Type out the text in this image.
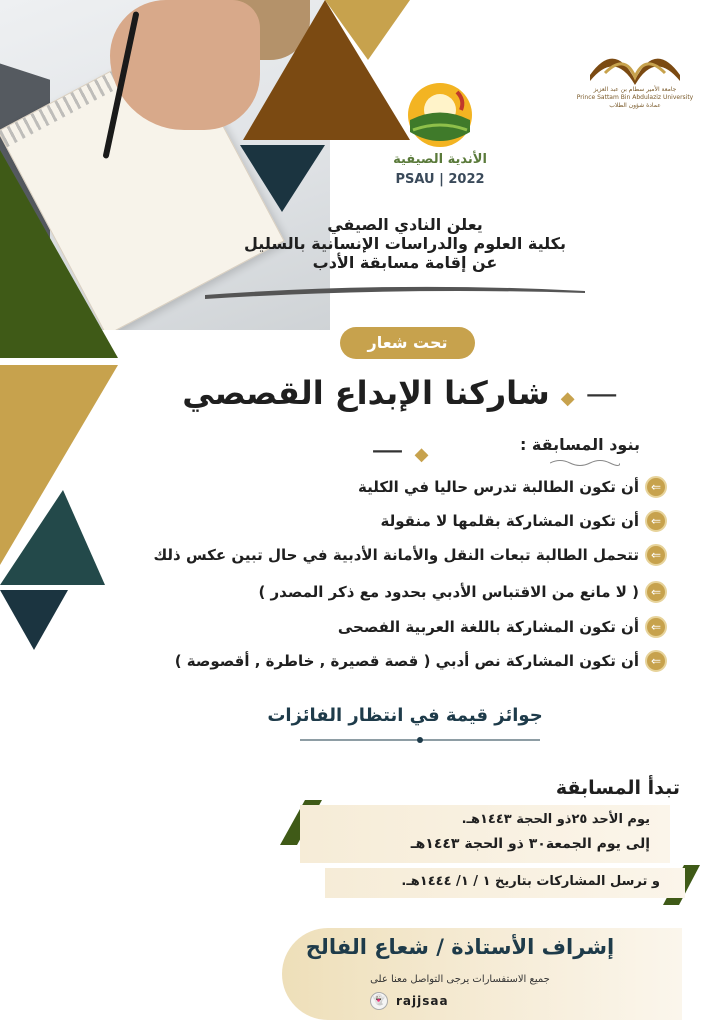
جامعة الأمير سطام بن عبد العزيز
Prince Sattam Bin Abdulaziz University
عمادة شؤون الطلاب
الأندية الصيفية
PSAU | 2022
يعلن النادي الصيفي
بكلية العلوم والدراسات الإنسانية بالسليل
عن إقامة مسابقة الأدب
تحت شعار
— ◆ شاركنا الإبداع القصصي ◆ —	بنود المسابقة :
⇐
أن تكون الطالبة تدرس حاليا في الكلية
⇐
أن تكون المشاركة بقلمها لا منقولة
⇐
تتحمل الطالبة تبعات النقل والأمانة الأدبية في حال تبين عكس ذلك
⇐
( لا مانع من الاقتباس الأدبي بحدود مع ذكر المصدر )
⇐
أن تكون المشاركة باللغة العربية الفصحى
⇐
أن تكون المشاركة نص أدبي ( قصة قصيرة , خاطرة , أقصوصة )
جوائز قيمة في انتظار الفائزات
تبدأ المسابقة
يوم الأحد ٢٥ذو الحجة ١٤٤٣هـ.
إلى يوم الجمعة٣٠ ذو الحجة ١٤٤٣هـ
و ترسل المشاركات بتاريخ ١ / ١/ ١٤٤٤هـ.
إشراف الأستاذة / شعاع الفالح
جميع الاستفسارات يرجى التواصل معنا على
👻 rajjsaa
